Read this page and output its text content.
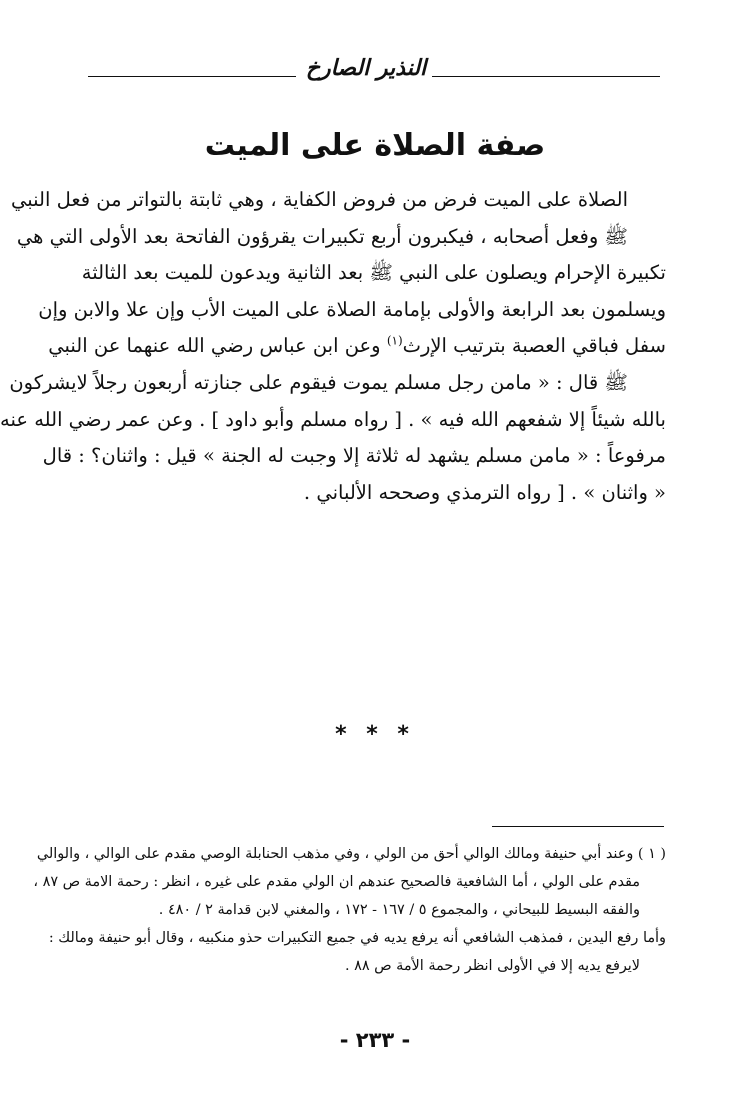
النذير الصارخ
صفة الصلاة على الميت
الصلاة على الميت فرض من فروض الكفاية ، وهي ثابتة بالتواتر من فعل النبي
ﷺ وفعل أصحابه ، فيكبرون أربع تكبيرات يقرؤون الفاتحة بعد الأولى التي هي
تكبيرة الإحرام ويصلون على النبي ﷺ بعد الثانية ويدعون للميت بعد الثالثة
ويسلمون بعد الرابعة والأولى بإمامة الصلاة على الميت الأب وإن علا والابن وإن
سفل فباقي العصبة بترتيب الإرث$^{(١)}$ وعن ابن عباس رضي الله عنهما عن النبي
ﷺ قال : « مامن رجل مسلم يموت فيقوم على جنازته أربعون رجلاً لايشركون
بالله شيئاً إلا شفعهم الله فيه » . [ رواه مسلم وأبو داود ] . وعن عمر رضي الله عنه
مرفوعاً : « مامن مسلم يشهد له ثلاثة إلا وجبت له الجنة » قيل : واثنان؟ : قال
« واثنان » . [ رواه الترمذي وصححه الألباني .
* * *
( ١ ) وعند أبي حنيفة ومالك الوالي أحق من الولي ، وفي مذهب الحنابلة الوصي مقدم على الوالي ، والوالي
مقدم على الولي ، أما الشافعية فالصحيح عندهم ان الولي مقدم على غيره ، انظر : رحمة الامة ص ٨٧ ،
والفقه البسيط للبيحاني ، والمجموع ٥ / ١٦٧ - ١٧٢ ، والمغني لابن قدامة ٢ / ٤٨٠ .
وأما رفع اليدين ، فمذهب الشافعي أنه يرفع يديه في جميع التكبيرات حذو منكبيه ، وقال أبو حنيفة ومالك :
لايرفع يديه إلا في الأولى انظر رحمة الأمة ص ٨٨ .
- ٢٣٣ -
